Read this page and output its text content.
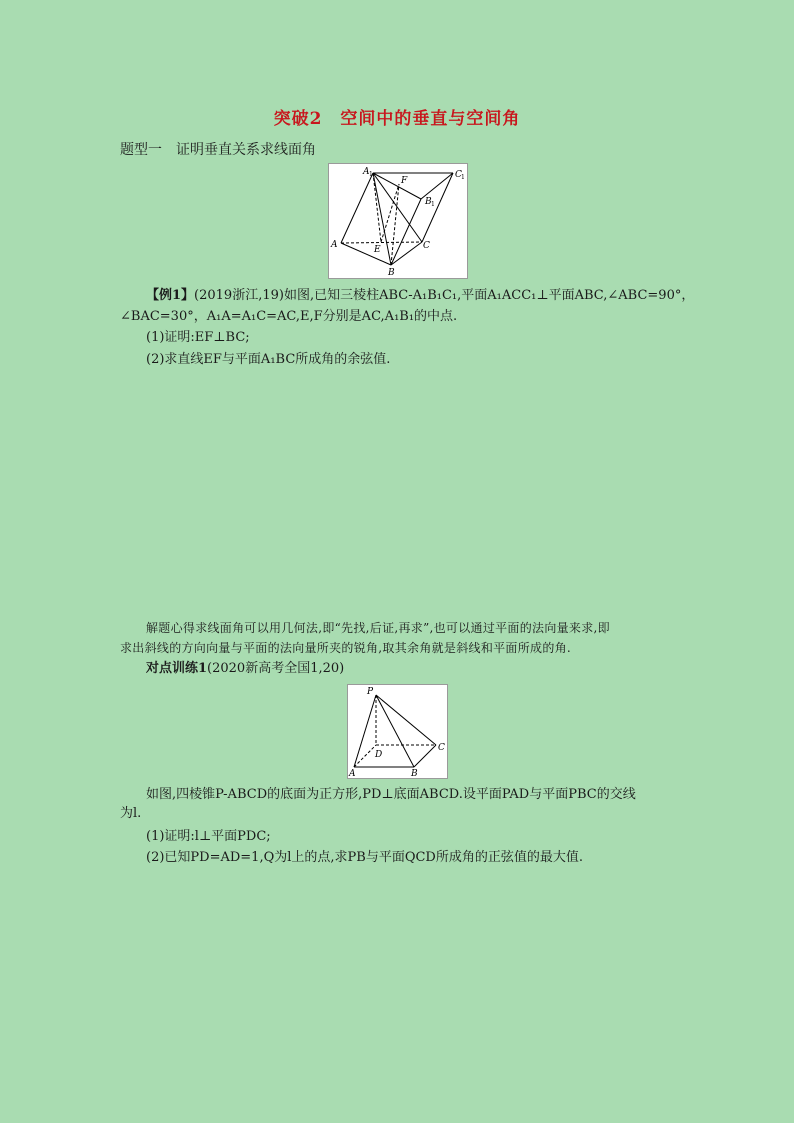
突破2　空间中的垂直与空间角
题型一　证明垂直关系求线面角
A 1	C 1
B 1
F
A	E	C
B
【例1】(2019浙江,19)如图,已知三棱柱ABC-A₁B₁C₁,平面A₁ACC₁⊥平面ABC,∠ABC=90°，
∠BAC=30°，A₁A=A₁C=AC,E,F分别是AC,A₁B₁的中点.
(1)证明:EF⊥BC;
(2)求直线EF与平面A₁BC所成角的余弦值.
解题心得求线面角可以用几何法,即“先找,后证,再求”,也可以通过平面的法向量来求,即
求出斜线的方向向量与平面的法向量所夹的锐角,取其余角就是斜线和平面所成的角.
对点训练1(2020新高考全国1,20)
P
D
C
A	B
如图,四棱锥P-ABCD的底面为正方形,PD⊥底面ABCD.设平面PAD与平面PBC的交线
为l.
(1)证明:l⊥平面PDC;
(2)已知PD=AD=1,Q为l上的点,求PB与平面QCD所成角的正弦值的最大值.
